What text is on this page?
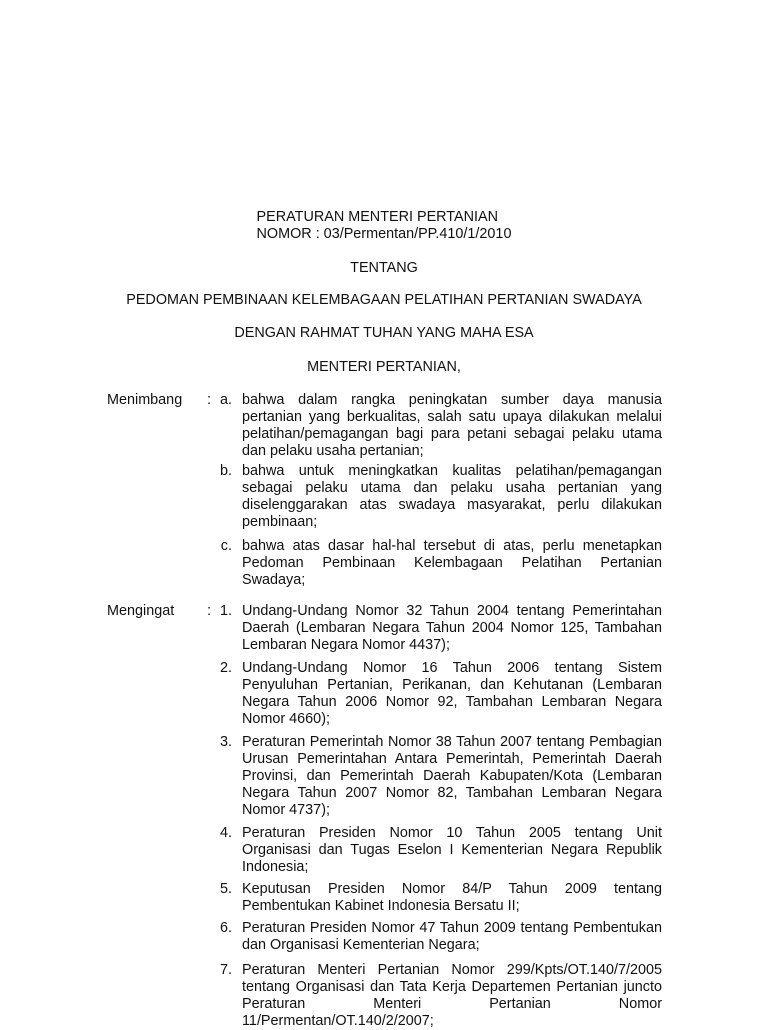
PERATURAN MENTERI PERTANIAN
NOMOR : 03/Permentan/PP.410/1/2010
TENTANG
PEDOMAN PEMBINAAN KELEMBAGAAN PELATIHAN PERTANIAN SWADAYA
DENGAN RAHMAT TUHAN YANG MAHA ESA
MENTERI PERTANIAN,
Menimbang : a. bahwa dalam rangka peningkatan sumber daya manusia pertanian yang berkualitas, salah satu upaya dilakukan melalui pelatihan/pemagangan bagi para petani sebagai pelaku utama dan pelaku usaha pertanian;
b. bahwa untuk meningkatkan kualitas pelatihan/pemagangan sebagai pelaku utama dan pelaku usaha pertanian yang diselenggarakan atas swadaya masyarakat, perlu dilakukan pembinaan;
c. bahwa atas dasar hal-hal tersebut di atas, perlu menetapkan Pedoman Pembinaan Kelembagaan Pelatihan Pertanian Swadaya;
Mengingat : 1. Undang-Undang Nomor 32 Tahun 2004 tentang Pemerintahan Daerah (Lembaran Negara Tahun 2004 Nomor 125, Tambahan Lembaran Negara Nomor 4437);
2. Undang-Undang Nomor 16 Tahun 2006 tentang Sistem Penyuluhan Pertanian, Perikanan, dan Kehutanan (Lembaran Negara Tahun 2006 Nomor 92, Tambahan Lembaran Negara Nomor 4660);
3. Peraturan Pemerintah Nomor 38 Tahun 2007 tentang Pembagian Urusan Pemerintahan Antara Pemerintah, Pemerintah Daerah Provinsi, dan Pemerintah Daerah Kabupaten/Kota (Lembaran Negara Tahun 2007 Nomor 82, Tambahan Lembaran Negara Nomor 4737);
4. Peraturan Presiden Nomor 10 Tahun 2005 tentang Unit Organisasi dan Tugas Eselon I Kementerian Negara Republik Indonesia;
5. Keputusan Presiden Nomor 84/P Tahun 2009 tentang Pembentukan Kabinet Indonesia Bersatu II;
6. Peraturan Presiden Nomor 47 Tahun 2009 tentang Pembentukan dan Organisasi Kementerian Negara;
7. Peraturan Menteri Pertanian Nomor 299/Kpts/OT.140/7/2005 tentang Organisasi dan Tata Kerja Departemen Pertanian juncto Peraturan Menteri Pertanian Nomor 11/Permentan/OT.140/2/2007;
